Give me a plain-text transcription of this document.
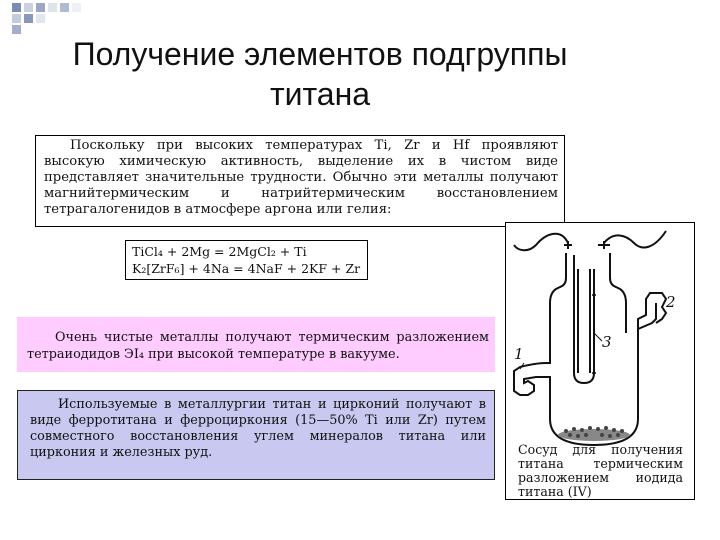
Получение элементов подгруппы титана
Поскольку при высоких температурах Ti, Zr и Hf проявляют высокую химическую активность, выделение их в чистом виде представляет значительные трудности. Обычно эти металлы получают магнийтермическим и натрийтермическим восстановлением тетрагалогенидов в атмосфере аргона или гелия:
TiCl₄ + 2Mg = 2MgCl₂ + Ti
K₂[ZrF₆] + 4Na = 4NaF + 2KF + Zr
Очень чистые металлы получают термическим разложением тетраиодидов ЭI₄ при высокой температуре в вакууме.
Используемые в металлургии титан и цирконий получают в виде ферротитана и ферроциркония (15—50% Ti или Zr) путем совместного восстановления углем минералов титана или циркония и железных руд.
1
2
3
Сосуд для получения титана термическим разложением иодида титана (IV)
